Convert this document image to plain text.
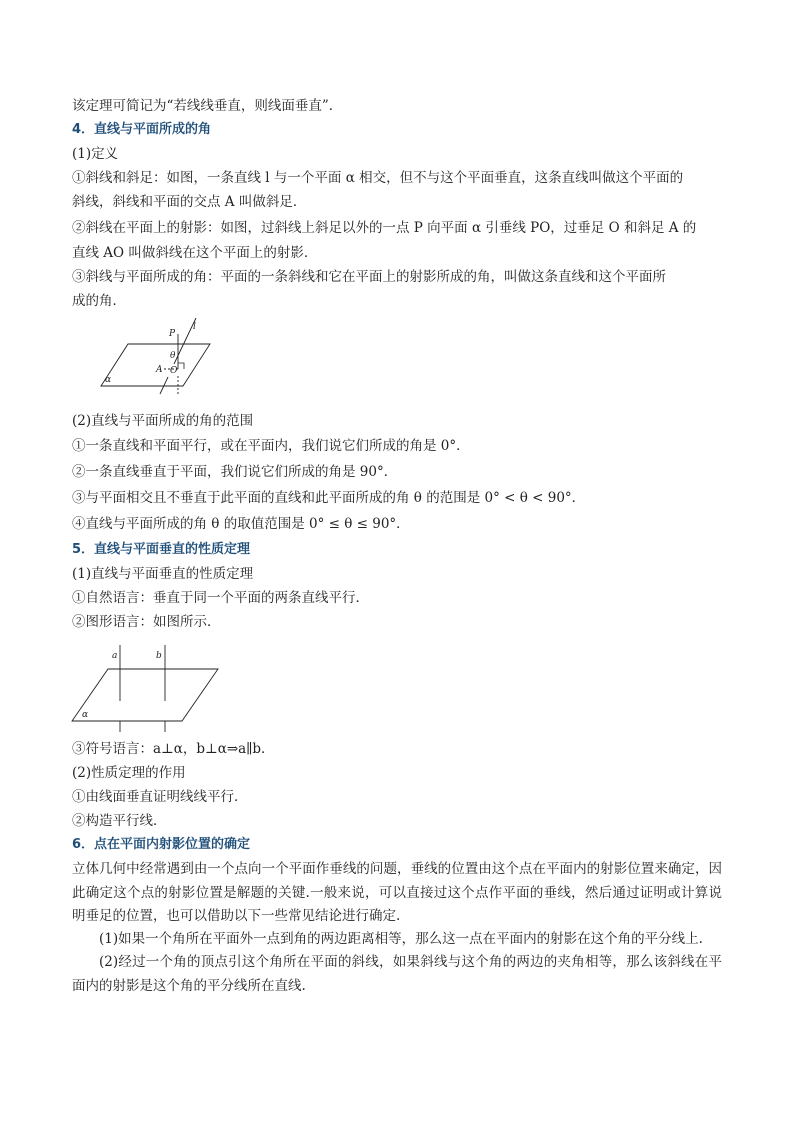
该定理可简记为“若线线垂直，则线面垂直”．
4．直线与平面所成的角
(1)定义
①斜线和斜足：如图，一条直线 l 与一个平面 α 相交，但不与这个平面垂直，这条直线叫做这个平面的
斜线，斜线和平面的交点 A 叫做斜足．
②斜线在平面上的射影：如图，过斜线上斜足以外的一点 P 向平面 α 引垂线 PO，过垂足 O 和斜足 A 的
直线 AO 叫做斜线在这个平面上的射影．
③斜线与平面所成的角：平面的一条斜线和它在平面上的射影所成的角，叫做这条直线和这个平面所
成的角．
P
l
θ
A O
α
(2)直线与平面所成的角的范围
①一条直线和平面平行，或在平面内，我们说它们所成的角是 0°．
②一条直线垂直于平面，我们说它们所成的角是 90°．
③与平面相交且不垂直于此平面的直线和此平面所成的角 θ 的范围是 0° < θ < 90°．
④直线与平面所成的角 θ 的取值范围是 0° ≤ θ ≤ 90°．
5．直线与平面垂直的性质定理
(1)直线与平面垂直的性质定理
①自然语言：垂直于同一个平面的两条直线平行．
②图形语言：如图所示．
a	b
α
③符号语言：a⊥α，b⊥α⇒a∥b．
(2)性质定理的作用
①由线面垂直证明线线平行．
②构造平行线．
6．点在平面内射影位置的确定
立体几何中经常遇到由一个点向一个平面作垂线的问题，垂线的位置由这个点在平面内的射影位置来确定，因此确定这个点的射影位置是解题的关键.一般来说，可以直接过这个点作平面的垂线，然后通过证明或计算说明垂足的位置，也可以借助以下一些常见结论进行确定.
(1)如果一个角所在平面外一点到角的两边距离相等，那么这一点在平面内的射影在这个角的平分线上.
(2)经过一个角的顶点引这个角所在平面的斜线，如果斜线与这个角的两边的夹角相等，那么该斜线在平面内的射影是这个角的平分线所在直线.
